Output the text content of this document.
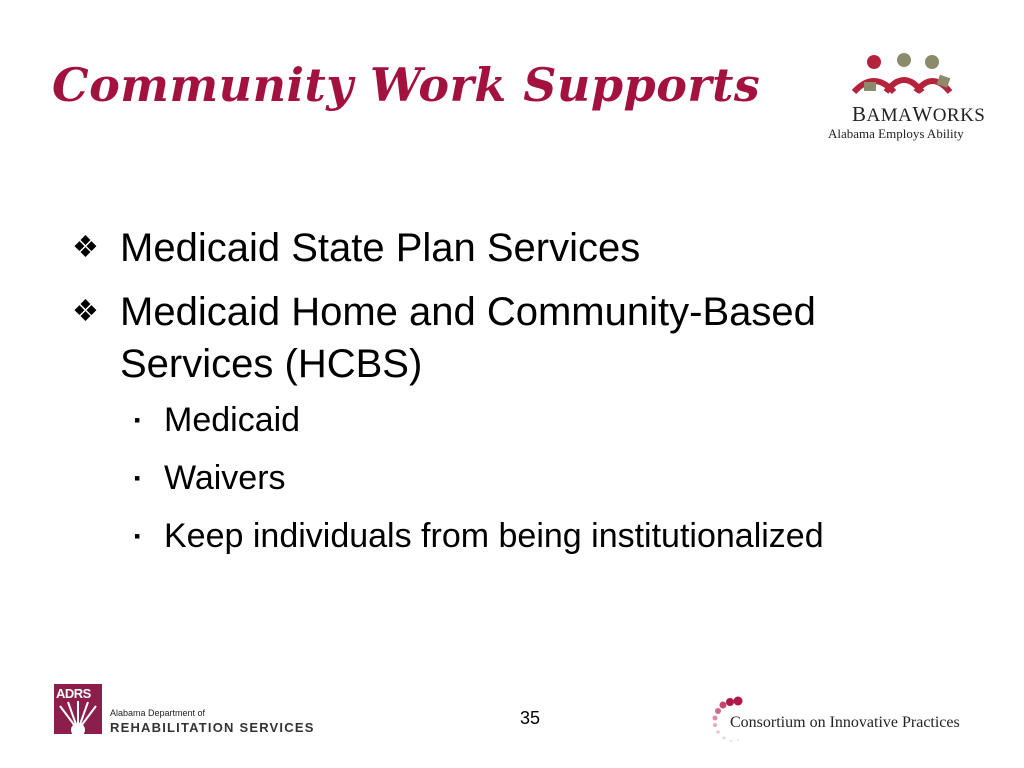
Community Work Supports
BAMAWORKS
Alabama Employs Ability
❖ Medicaid State Plan Services
❖ Medicaid Home and Community-Based Services (HCBS)
▪ Medicaid
▪ Waivers
▪ Keep individuals from being institutionalized
ADRS
Alabama Department of
REHABILITATION SERVICES	35	Consortium on Innovative Practices
